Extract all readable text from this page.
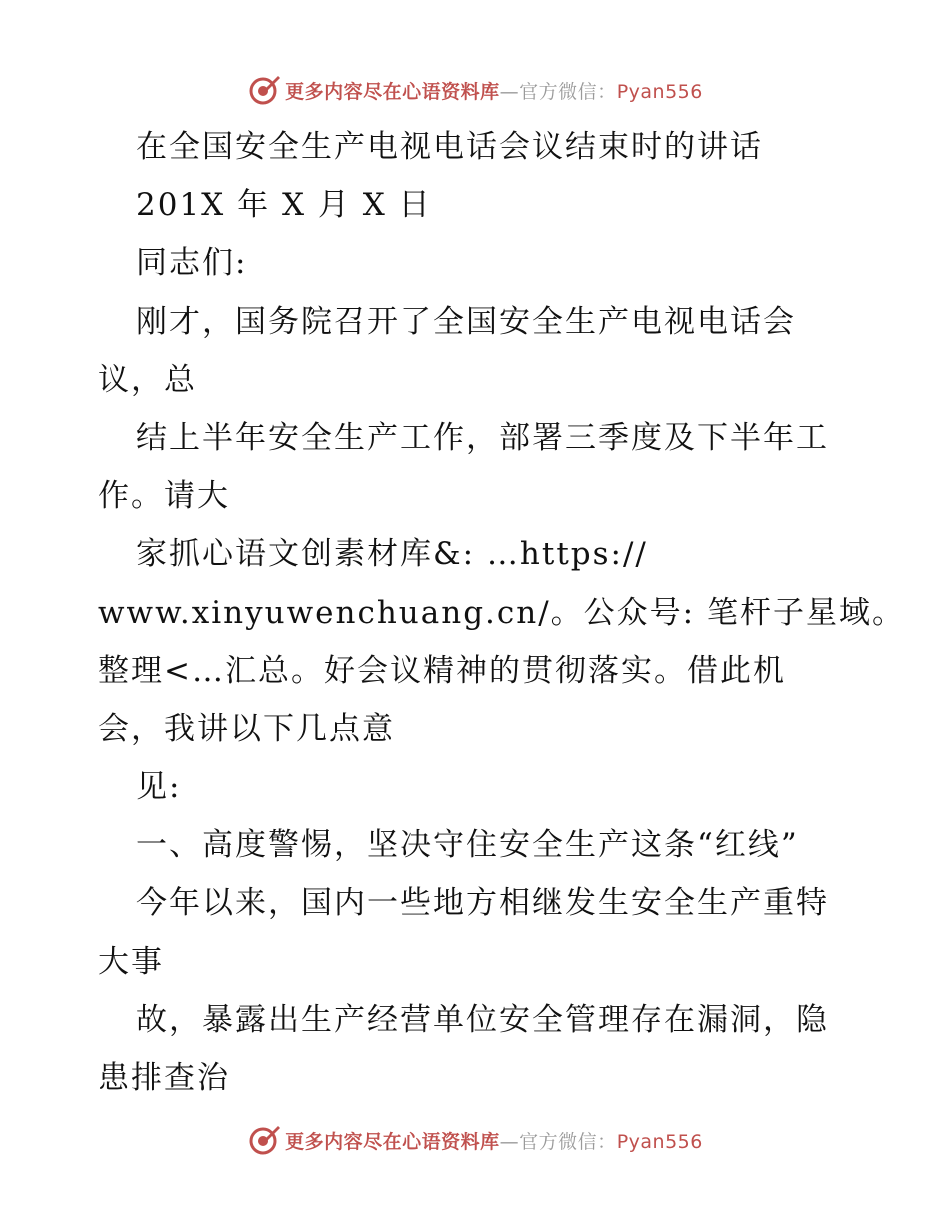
更多内容尽在心语资料库—官方微信：Pyan556
在全国安全生产电视电话会议结束时的讲话
201X 年 X 月 X 日
同志们:
刚才，国务院召开了全国安全生产电视电话会
议，总
结上半年安全生产工作，部署三季度及下半年工
作。请大
家抓心语文创素材库&: …https://
www.xinyuwenchuang.cn/。公众号: 笔杆子星域。
整理<…汇总。好会议精神的贯彻落实。借此机
会，我讲以下几点意
见:
一、高度警惕，坚决守住安全生产这条“红线”
今年以来，国内一些地方相继发生安全生产重特
大事
故，暴露出生产经营单位安全管理存在漏洞，隐
患排查治
更多内容尽在心语资料库—官方微信：Pyan556
